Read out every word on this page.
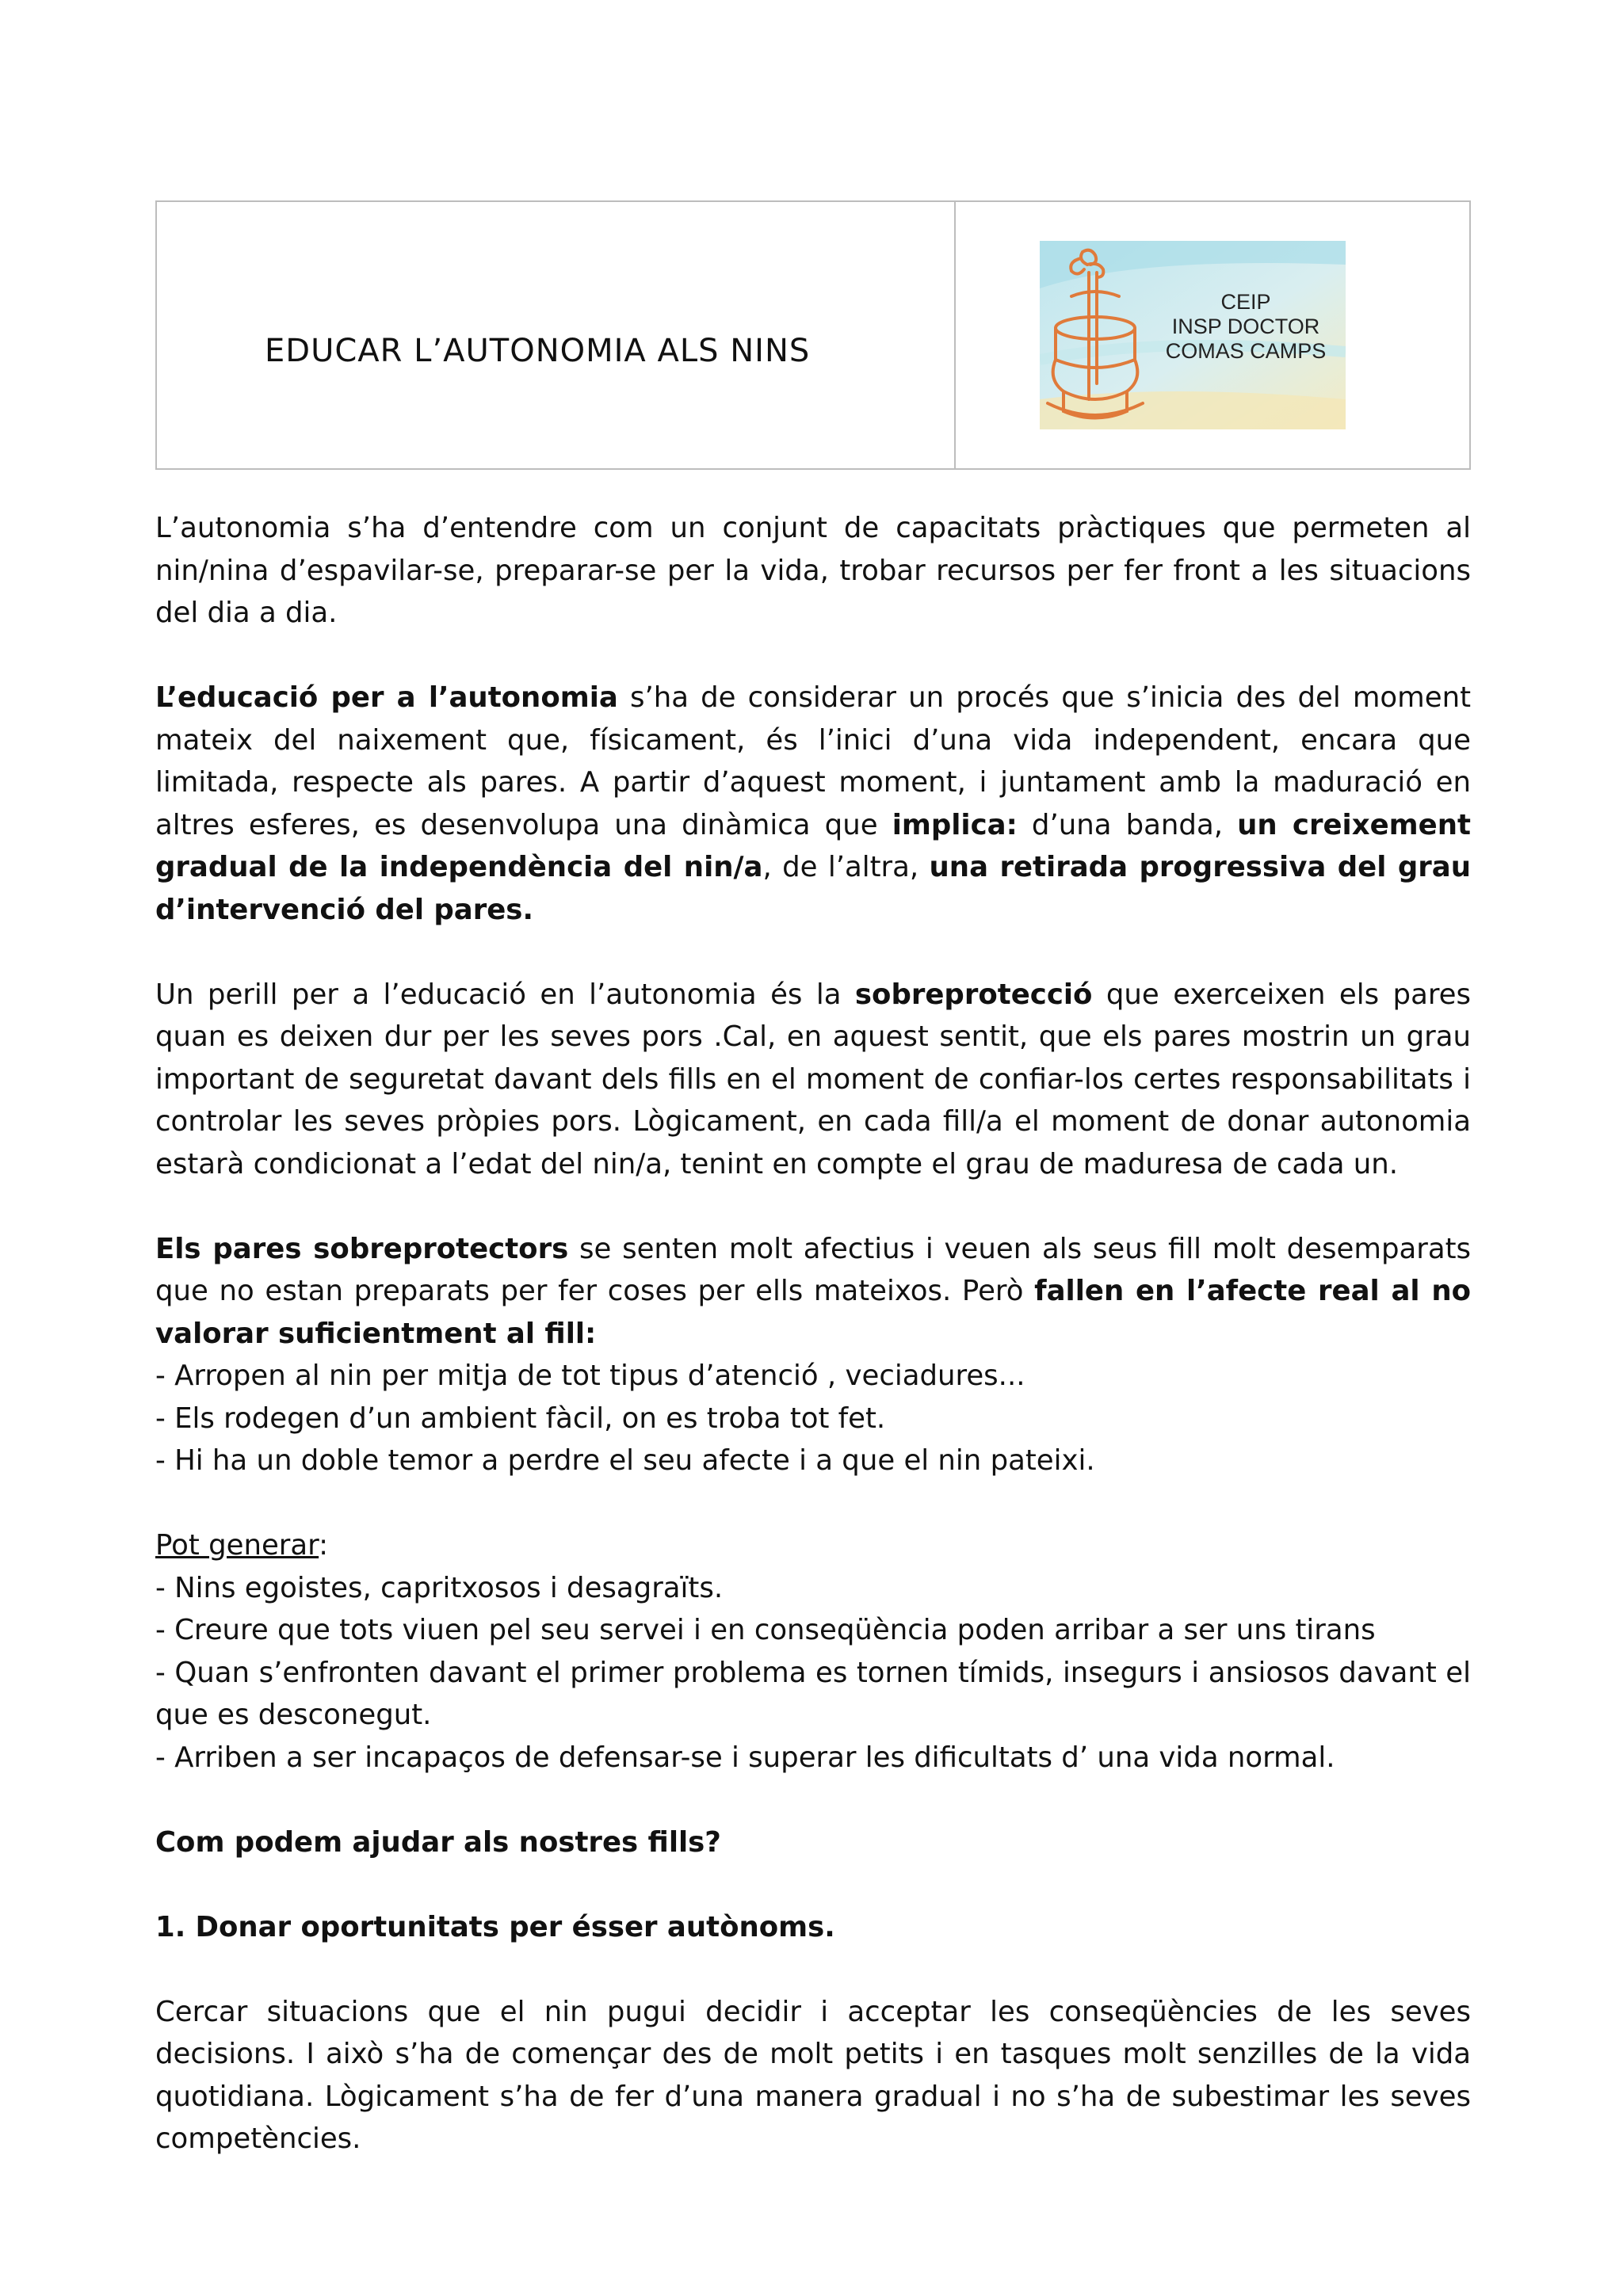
EDUCAR L’AUTONOMIA ALS NINS
CEIP
INSP DOCTOR
COMAS CAMPS

L’autonomia s’ha d’entendre com un conjunt de capacitats pràctiques que permeten al nin/nina d’espavilar-se, preparar-se per la vida, trobar recursos per fer front a les situacions del dia a dia.

L’educació per a l’autonomia s’ha de considerar un procés que s’inicia des del moment mateix del naixement que, físicament, és l’inici d’una vida independent, encara que limitada, respecte als pares. A partir d’aquest moment, i juntament amb la maduració en altres esferes, es desenvolupa una dinàmica que implica: d’una banda, un creixement gradual de la independència del nin/a, de l’altra, una retirada progressiva del grau d’intervenció del pares.

Un perill per a l’educació en l’autonomia és la sobreprotecció que exerceixen els pares quan es deixen dur per les seves pors .Cal, en aquest sentit, que els pares mostrin un grau important de seguretat davant dels fills en el moment de confiar-los certes responsabilitats i controlar les seves pròpies pors. Lògicament, en cada fill/a el moment de donar autonomia estarà condicionat a l’edat del nin/a, tenint en compte el grau de maduresa de cada un.

Els pares sobreprotectors se senten molt afectius i veuen als seus fill molt desemparats que no estan preparats per fer coses per ells mateixos. Però fallen en l’afecte real al no valorar suficientment al fill:

- Arropen al nin per mitja de tot tipus d’atenció , veciadures...

- Els rodegen d’un ambient fàcil, on es troba tot fet.

- Hi ha un doble temor a perdre el seu afecte i a que el nin pateixi.

Pot generar:

- Nins egoistes, capritxosos i desagraïts.

- Creure que tots viuen pel seu servei i en conseqüència poden arribar a ser uns tirans

- Quan s’enfronten davant el primer problema es tornen tímids, insegurs i ansiosos davant el que es desconegut.

- Arriben a ser incapaços de defensar-se i superar les dificultats d’ una vida normal.

Com podem ajudar als nostres fills?

1. Donar oportunitats per ésser autònoms.

Cercar situacions que el nin pugui decidir i acceptar les conseqüències de les seves decisions. I això s’ha de començar des de molt petits i en tasques molt senzilles de la vida quotidiana. Lògicament s’ha de fer d’una manera gradual i no s’ha de subestimar les seves competències.
